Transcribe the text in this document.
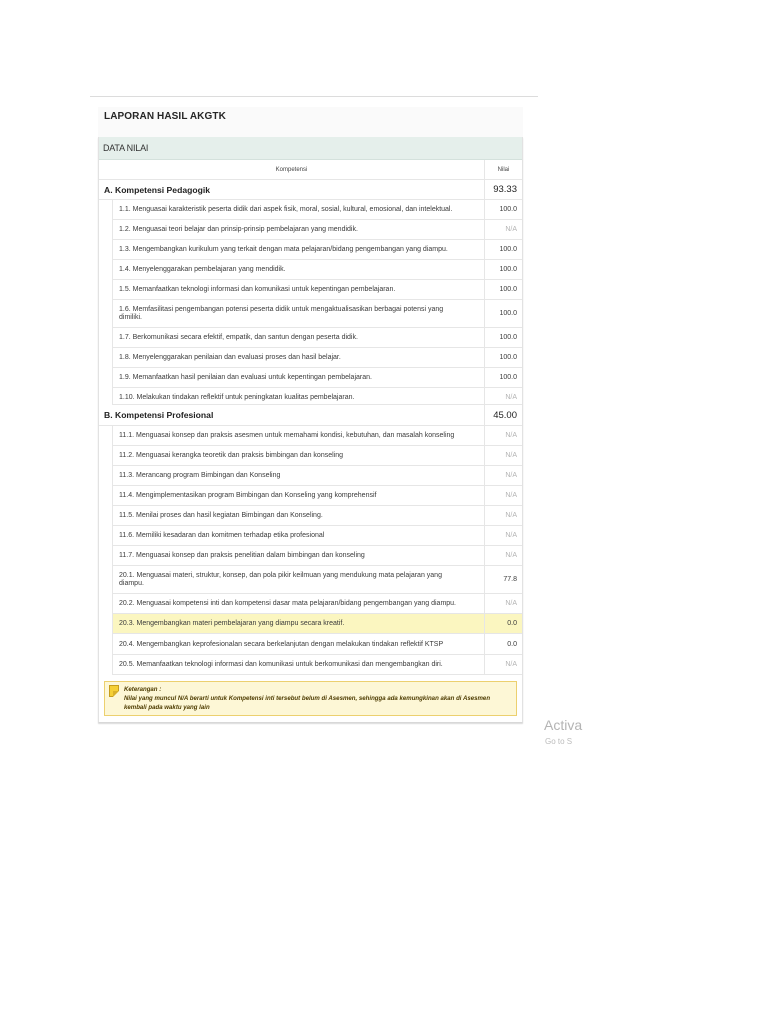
LAPORAN HASIL AKGTK
DATA NILAI
Kompetensi	Nilai
A. Kompetensi Pedagogik	93.33
1.1. Menguasai karakteristik peserta didik dari aspek fisik, moral, sosial, kultural, emosional, dan intelektual.	100.0
1.2. Menguasai teori belajar dan prinsip-prinsip pembelajaran yang mendidik.	N/A
1.3. Mengembangkan kurikulum yang terkait dengan mata pelajaran/bidang pengembangan yang diampu.	100.0
1.4. Menyelenggarakan pembelajaran yang mendidik.	100.0
1.5. Memanfaatkan teknologi informasi dan komunikasi untuk kepentingan pembelajaran.	100.0
1.6. Memfasilitasi pengembangan potensi peserta didik untuk mengaktualisasikan berbagai potensi yang dimiliki.	100.0
1.7. Berkomunikasi secara efektif, empatik, dan santun dengan peserta didik.	100.0
1.8. Menyelenggarakan penilaian dan evaluasi proses dan hasil belajar.	100.0
1.9. Memanfaatkan hasil penilaian dan evaluasi untuk kepentingan pembelajaran.	100.0
1.10. Melakukan tindakan reflektif untuk peningkatan kualitas pembelajaran.	N/A
B. Kompetensi Profesional	45.00
11.1. Menguasai konsep dan praksis asesmen untuk memahami kondisi, kebutuhan, dan masalah konseling	N/A
11.2. Menguasai kerangka teoretik dan praksis bimbingan dan konseling	N/A
11.3. Merancang program Bimbingan dan Konseling	N/A
11.4. Mengimplementasikan program Bimbingan dan Konseling yang komprehensif	N/A
11.5. Menilai proses dan hasil kegiatan Bimbingan dan Konseling.	N/A
11.6. Memiliki kesadaran dan komitmen terhadap etika profesional	N/A
11.7. Menguasai konsep dan praksis penelitian dalam bimbingan dan konseling	N/A
20.1. Menguasai materi, struktur, konsep, dan pola pikir keilmuan yang mendukung mata pelajaran yang diampu.	77.8
20.2. Menguasai kompetensi inti dan kompetensi dasar mata pelajaran/bidang pengembangan yang diampu.	N/A
20.3. Mengembangkan materi pembelajaran yang diampu secara kreatif.	0.0
20.4. Mengembangkan keprofesionalan secara berkelanjutan dengan melakukan tindakan reflektif KTSP	0.0
20.5. Memanfaatkan teknologi informasi dan komunikasi untuk berkomunikasi dan mengembangkan diri.	N/A
Keterangan :
Nilai yang muncul N/A berarti untuk Kompetensi inti tersebut belum di Asesmen, sehingga ada kemungkinan akan di Asesmen kembali pada waktu yang lain
Activa
Go to S
